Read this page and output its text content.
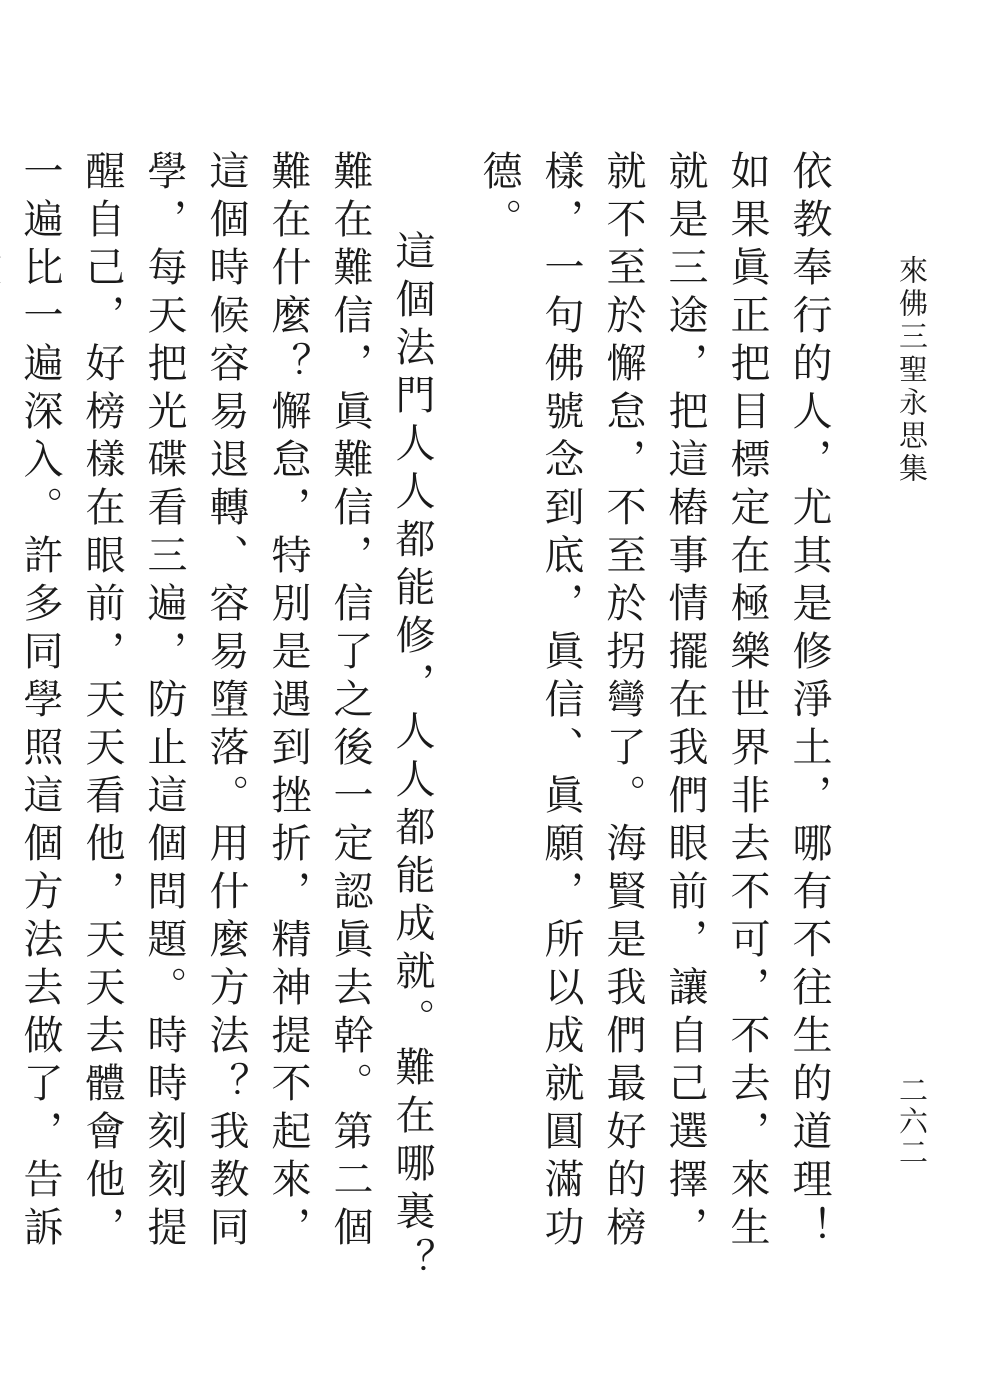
來佛三聖永思集
二六二

依教奉行的人，尤其是修淨土，哪有不往生的道理！如果眞正把目標定在極樂世界非去不可，不去，來生就是三途，把這樁事情擺在我們眼前，讓自己選擇，就不至於懈怠，不至於拐彎了。海賢是我們最好的榜樣，一句佛號念到底，眞信、眞願，所以成就圓滿功德。

這個法門人人都能修，人人都能成就。難在哪裏？難在難信，眞難信，信了之後一定認眞去幹。第二個難在什麼？懈怠，特別是遇到挫折，精神提不起來，這個時候容易退轉、容易墮落。用什麼方法？我教同學，每天把光碟看三遍，防止這個問題。時時刻刻提醒自己，好榜樣在眼前，天天看他，天天去體會他，一遍比一遍深入。許多同學照這個方法去做了，告訴
